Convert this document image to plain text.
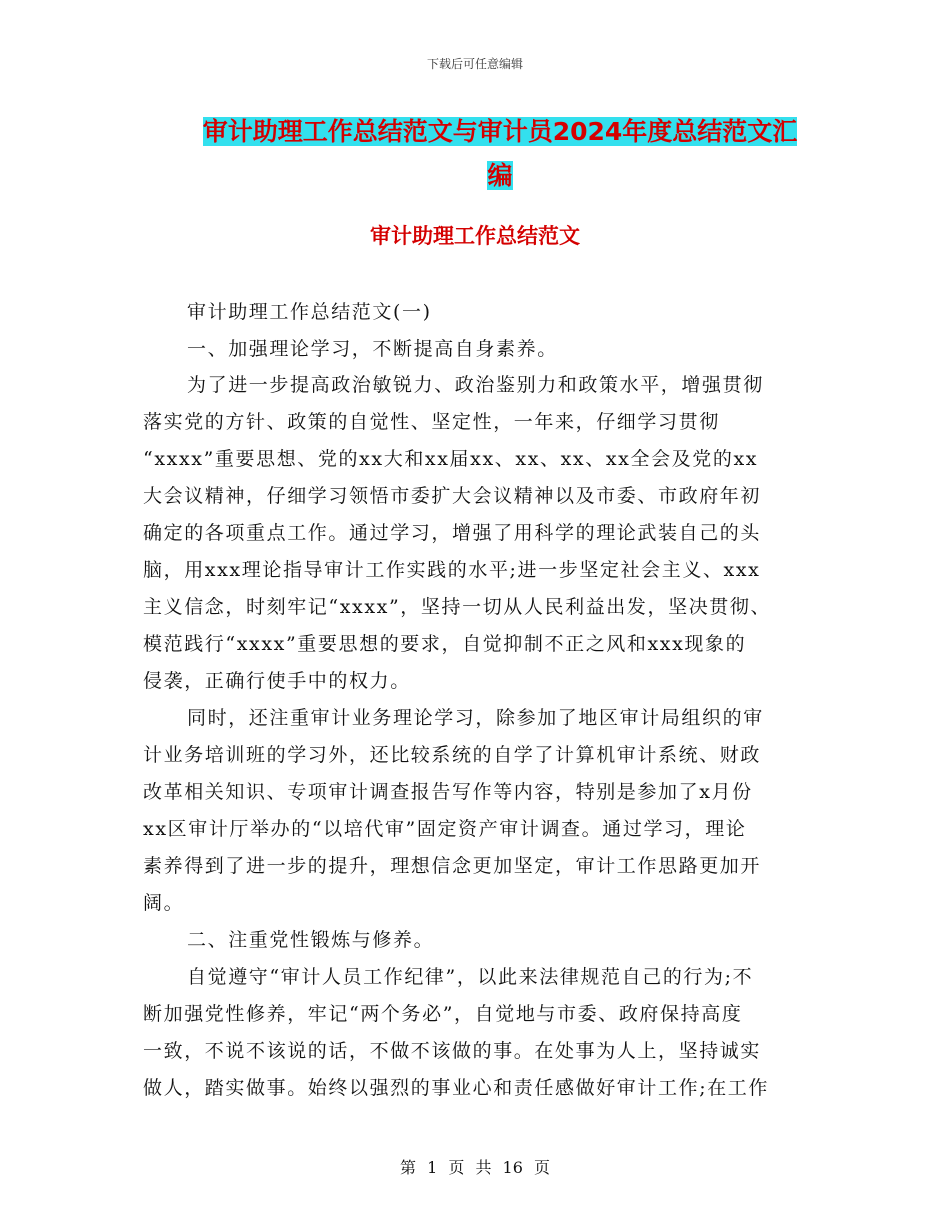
下载后可任意编辑
审计助理工作总结范文与审计员2024年度总结范文汇
编
审计助理工作总结范文
审计助理工作总结范文(一)
一、加强理论学习，不断提高自身素养。
为了进一步提高政治敏锐力、政治鉴别力和政策水平，增强贯彻
落实党的方针、政策的自觉性、坚定性，一年来，仔细学习贯彻
“xxxx”重要思想、党的xx大和xx届xx、xx、xx、xx全会及党的xx
大会议精神，仔细学习领悟市委扩大会议精神以及市委、市政府年初
确定的各项重点工作。通过学习，增强了用科学的理论武装自己的头
脑，用xxx理论指导审计工作实践的水平;进一步坚定社会主义、xxx
主义信念，时刻牢记“xxxx”，坚持一切从人民利益出发，坚决贯彻、
模范践行“xxxx”重要思想的要求，自觉抑制不正之风和xxx现象的
侵袭，正确行使手中的权力。
同时，还注重审计业务理论学习，除参加了地区审计局组织的审
计业务培训班的学习外，还比较系统的自学了计算机审计系统、财政
改革相关知识、专项审计调查报告写作等内容，特别是参加了x月份
xx区审计厅举办的“以培代审”固定资产审计调查。通过学习，理论
素养得到了进一步的提升，理想信念更加坚定，审计工作思路更加开
阔。
二、注重党性锻炼与修养。
自觉遵守“审计人员工作纪律”，以此来法律规范自己的行为;不
断加强党性修养，牢记“两个务必”，自觉地与市委、政府保持高度
一致，不说不该说的话，不做不该做的事。在处事为人上，坚持诚实
做人，踏实做事。始终以强烈的事业心和责任感做好审计工作;在工作
第 1 页 共 16 页
